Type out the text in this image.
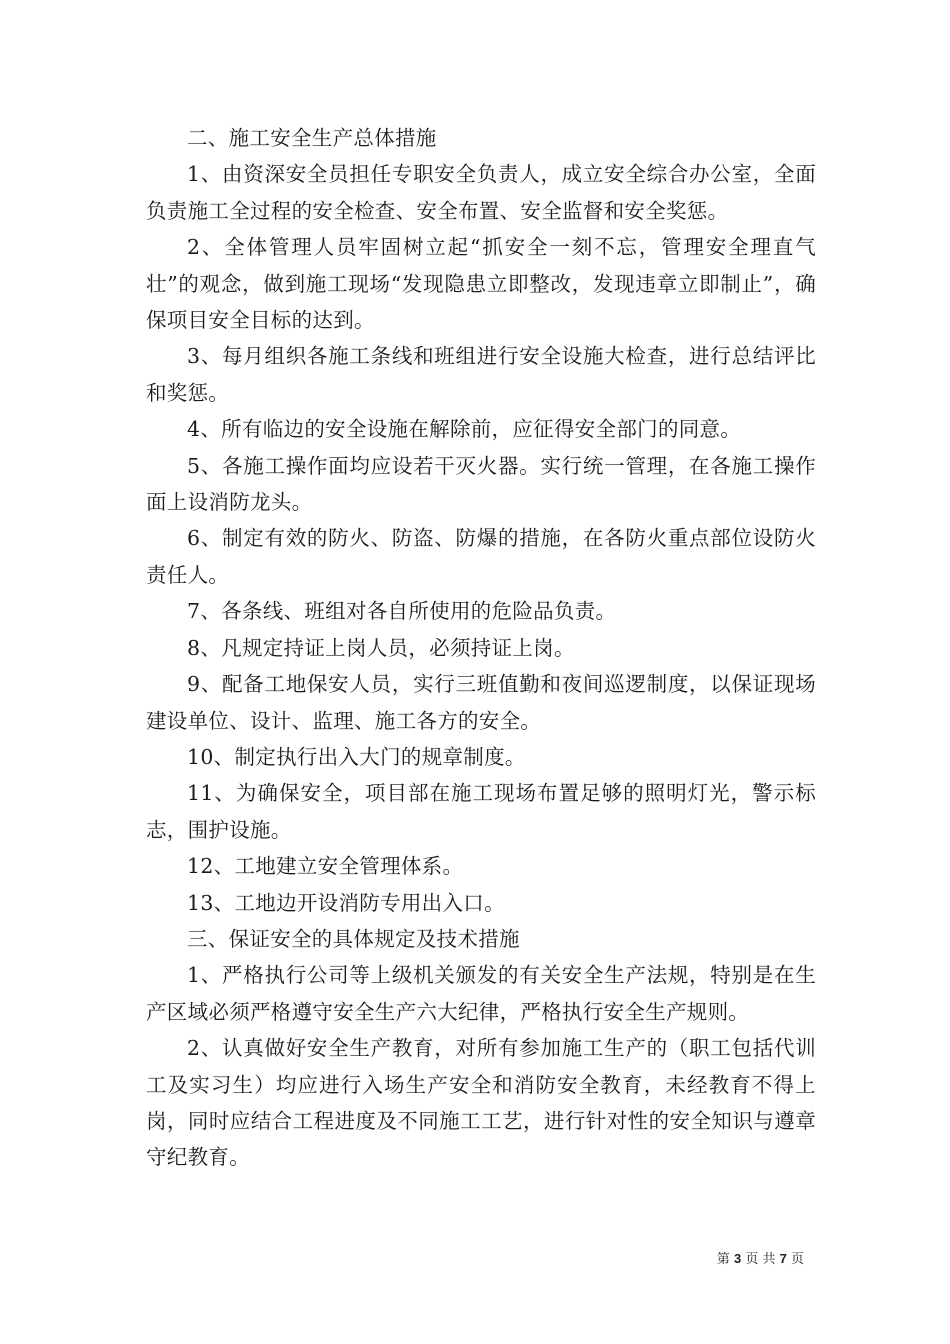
二、施工安全生产总体措施

1、由资深安全员担任专职安全负责人，成立安全综合办公室，全面负责施工全过程的安全检查、安全布置、安全监督和安全奖惩。

2、全体管理人员牢固树立起“抓安全一刻不忘，管理安全理直气壮”的观念，做到施工现场“发现隐患立即整改，发现违章立即制止”，确保项目安全目标的达到。

3、每月组织各施工条线和班组进行安全设施大检查，进行总结评比和奖惩。

4、所有临边的安全设施在解除前，应征得安全部门的同意。

5、各施工操作面均应设若干灭火器。实行统一管理，在各施工操作面上设消防龙头。

6、制定有效的防火、防盗、防爆的措施，在各防火重点部位设防火责任人。

7、各条线、班组对各自所使用的危险品负责。

8、凡规定持证上岗人员，必须持证上岗。

9、配备工地保安人员，实行三班值勤和夜间巡逻制度，以保证现场建设单位、设计、监理、施工各方的安全。

10、制定执行出入大门的规章制度。

11、为确保安全，项目部在施工现场布置足够的照明灯光，警示标志，围护设施。

12、工地建立安全管理体系。

13、工地边开设消防专用出入口。

三、保证安全的具体规定及技术措施

1、严格执行公司等上级机关颁发的有关安全生产法规，特别是在生产区域必须严格遵守安全生产六大纪律，严格执行安全生产规则。

2、认真做好安全生产教育，对所有参加施工生产的（职工包括代训工及实习生）均应进行入场生产安全和消防安全教育，未经教育不得上岗，同时应结合工程进度及不同施工工艺，进行针对性的安全知识与遵章守纪教育。

第 3 页 共 7 页
